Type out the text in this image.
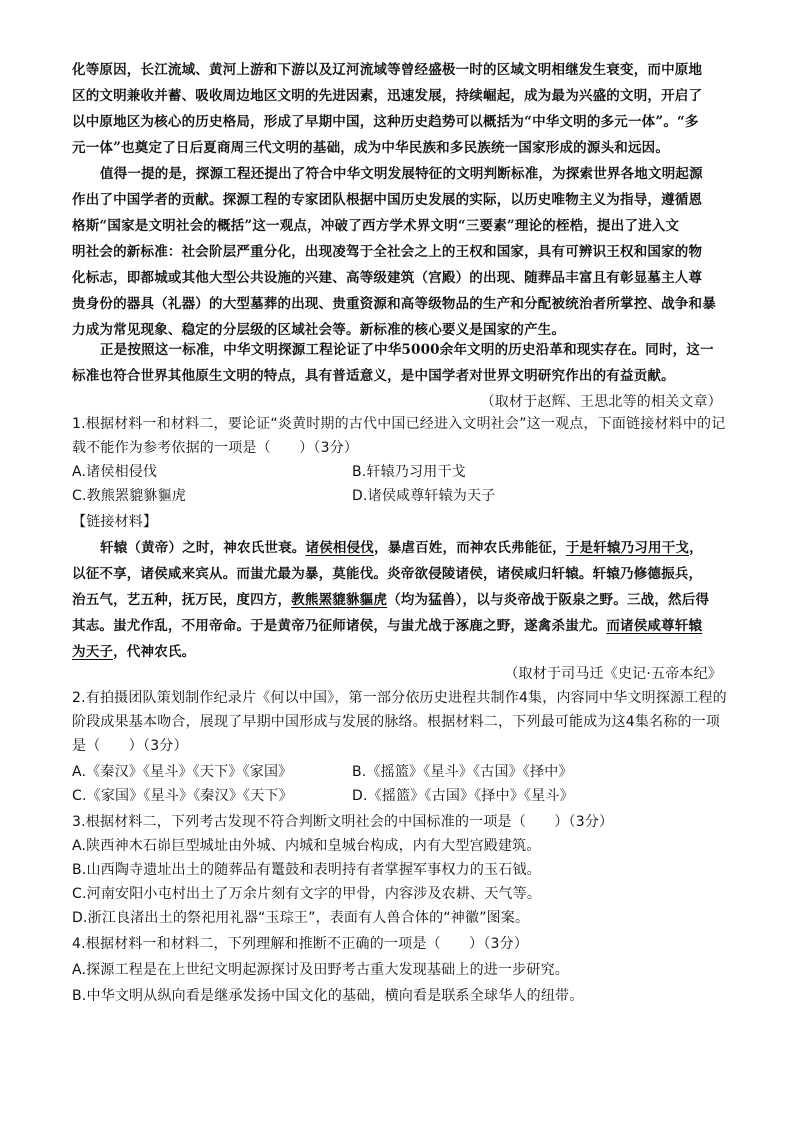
化等原因，长江流域、黄河上游和下游以及辽河流域等曾经盛极一时的区域文明相继发生衰变，而中原地
区的文明兼收并蓄、吸收周边地区文明的先进因素，迅速发展，持续崛起，成为最为兴盛的文明，开启了
以中原地区为核心的历史格局，形成了早期中国，这种历史趋势可以概括为“中华文明的多元一体”。“多
元一体”也奠定了日后夏商周三代文明的基础，成为中华民族和多民族统一国家形成的源头和远因。
值得一提的是，探源工程还提出了符合中华文明发展特征的文明判断标准，为探索世界各地文明起源
作出了中国学者的贡献。探源工程的专家团队根据中国历史发展的实际，以历史唯物主义为指导，遵循恩
格斯“国家是文明社会的概括”这一观点，冲破了西方学术界文明“三要素”理论的桎梏，提出了进入文
明社会的新标准：社会阶层严重分化，出现凌驾于全社会之上的王权和国家，具有可辨识王权和国家的物
化标志，即都城或其他大型公共设施的兴建、高等级建筑（宫殿）的出现、随葬品丰富且有彰显墓主人尊
贵身份的器具（礼器）的大型墓葬的出现、贵重资源和高等级物品的生产和分配被统治者所掌控、战争和暴
力成为常见现象、稳定的分层级的区域社会等。新标准的核心要义是国家的产生。
正是按照这一标准，中华文明探源工程论证了中华5000余年文明的历史沿革和现实存在。同时，这一
标准也符合世界其他原生文明的特点，具有普适意义，是中国学者对世界文明研究作出的有益贡献。
（取材于赵辉、王思北等的相关文章）
1.根据材料一和材料二，要论证“炎黄时期的古代中国已经进入文明社会”这一观点，下面链接材料中的记
载不能作为参考依据的一项是（　　）（3分）
A.诸侯相侵伐	B.轩辕乃习用干戈
C.教熊罴貔貅貙虎	D.诸侯咸尊轩辕为天子
【链接材料】
轩辕（黄帝）之时，神农氏世衰。诸侯相侵伐，暴虐百姓，而神农氏弗能征，于是轩辕乃习用干戈，
以征不享，诸侯咸来宾从。而蚩尤最为暴，莫能伐。炎帝欲侵陵诸侯，诸侯咸归轩辕。轩辕乃修德振兵，
治五气，艺五种，抚万民，度四方，教熊罴貔貅貙虎（均为猛兽），以与炎帝战于阪泉之野。三战，然后得
其志。蚩尤作乱，不用帝命。于是黄帝乃征师诸侯，与蚩尤战于涿鹿之野，遂禽杀蚩尤。而诸侯咸尊轩辕
为天子，代神农氏。
（取材于司马迁《史记·五帝本纪》
2.有拍摄团队策划制作纪录片《何以中国》，第一部分依历史进程共制作4集，内容同中华文明探源工程的
阶段成果基本吻合，展现了早期中国形成与发展的脉络。根据材料二，下列最可能成为这4集名称的一项
是（　　）（3分）
A.《秦汉》《星斗》《天下》《家国》	B.《摇篮》《星斗》《古国》《择中》
C.《家国》《星斗》《秦汉》《天下》	D.《摇篮》《古国》《择中》《星斗》
3.根据材料二，下列考古发现不符合判断文明社会的中国标准的一项是（　　）（3分）
A.陕西神木石峁巨型城址由外城、内城和皇城台构成，内有大型宫殿建筑。
B.山西陶寺遗址出土的随葬品有鼍鼓和表明持有者掌握军事权力的玉石钺。
C.河南安阳小屯村出土了万余片刻有文字的甲骨，内容涉及农耕、天气等。
D.浙江良渚出土的祭祀用礼器“玉琮王”，表面有人兽合体的“神徽”图案。
4.根据材料一和材料二，下列理解和推断不正确的一项是（　　）（3分）
A.探源工程是在上世纪文明起源探讨及田野考古重大发现基础上的进一步研究。
B.中华文明从纵向看是继承发扬中国文化的基础，横向看是联系全球华人的纽带。
